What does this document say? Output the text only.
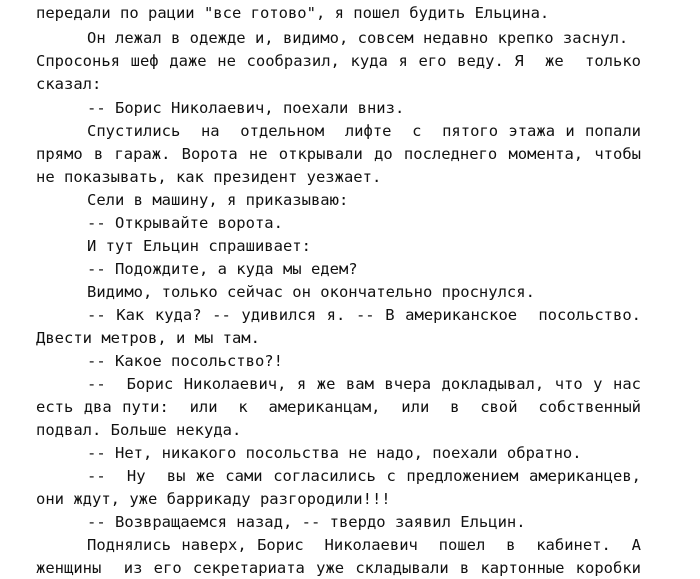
передали по рации "все готово", я пошел будить Ельцина.
Он лежал в одежде и, видимо, совсем недавно крепко заснул.
Спросонья шеф даже не сообразил, куда я его веду. Я  же  только
сказал:
-- Борис Николаевич, поехали вниз.
Спустились  на  отдельном  лифте  с  пятого этажа и попали
прямо в гараж. Ворота не открывали до последнего момента, чтобы
не показывать, как президент уезжает.
Сели в машину, я приказываю:
-- Открывайте ворота.
И тут Ельцин спрашивает:
-- Подождите, а куда мы едем?
Видимо, только сейчас он окончательно проснулся.
-- Как куда? -- удивился я. -- В американское  посольство.
Двести метров, и мы там.
-- Какое посольство?!
--  Борис Николаевич, я же вам вчера докладывал, что у нас
есть два пути:  или  к  американцам,  или  в  свой  собственный
подвал. Больше некуда.
-- Нет, никакого посольства не надо, поехали обратно.
--  Ну  вы же сами согласились с предложением американцев,
они ждут, уже баррикаду разгородили!!!
-- Возвращаемся назад, -- твердо заявил Ельцин.
Поднялись наверх, Борис  Николаевич  пошел  в  кабинет.  А
женщины  из его секретариата уже складывали в картонные коробки
